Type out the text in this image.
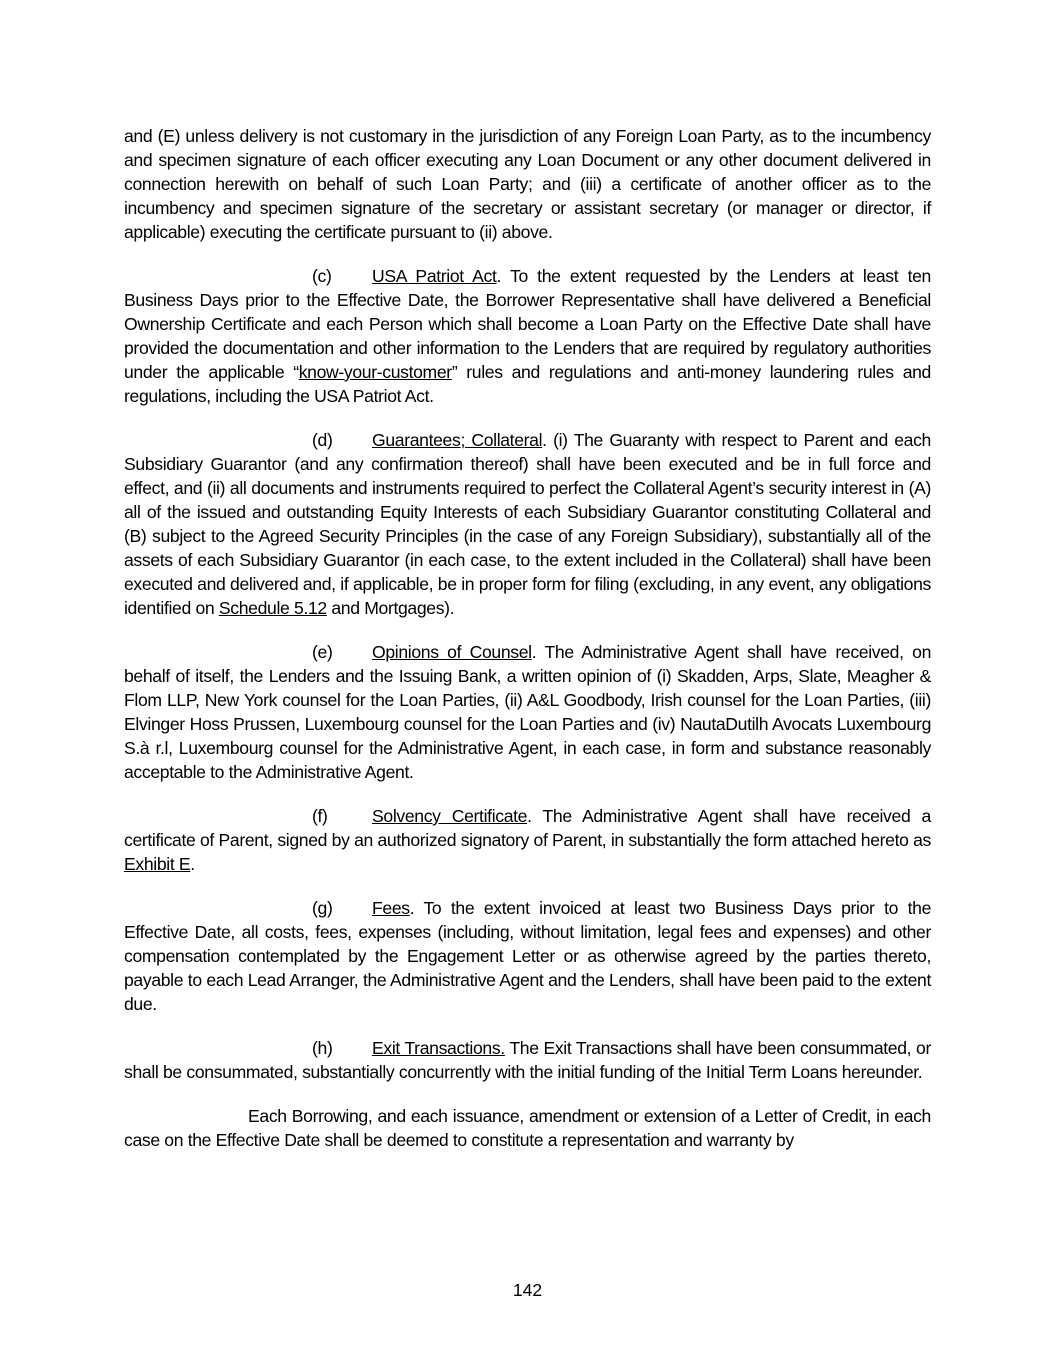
and (E) unless delivery is not customary in the jurisdiction of any Foreign Loan Party, as to the incumbency and specimen signature of each officer executing any Loan Document or any other document delivered in connection herewith on behalf of such Loan Party; and (iii) a certificate of another officer as to the incumbency and specimen signature of the secretary or assistant secretary (or manager or director, if applicable) executing the certificate pursuant to (ii) above.

(c) USA Patriot Act. To the extent requested by the Lenders at least ten Business Days prior to the Effective Date, the Borrower Representative shall have delivered a Beneficial Ownership Certificate and each Person which shall become a Loan Party on the Effective Date shall have provided the documentation and other information to the Lenders that are required by regulatory authorities under the applicable “know-your-customer” rules and regulations and anti-money laundering rules and regulations, including the USA Patriot Act.

(d) Guarantees; Collateral. (i) The Guaranty with respect to Parent and each Subsidiary Guarantor (and any confirmation thereof) shall have been executed and be in full force and effect, and (ii) all documents and instruments required to perfect the Collateral Agent’s security interest in (A) all of the issued and outstanding Equity Interests of each Subsidiary Guarantor constituting Collateral and (B) subject to the Agreed Security Principles (in the case of any Foreign Subsidiary), substantially all of the assets of each Subsidiary Guarantor (in each case, to the extent included in the Collateral) shall have been executed and delivered and, if applicable, be in proper form for filing (excluding, in any event, any obligations identified on Schedule 5.12 and Mortgages).

(e) Opinions of Counsel. The Administrative Agent shall have received, on behalf of itself, the Lenders and the Issuing Bank, a written opinion of (i) Skadden, Arps, Slate, Meagher & Flom LLP, New York counsel for the Loan Parties, (ii) A&L Goodbody, Irish counsel for the Loan Parties, (iii) Elvinger Hoss Prussen, Luxembourg counsel for the Loan Parties and (iv) NautaDutilh Avocats Luxembourg S.à r.l, Luxembourg counsel for the Administrative Agent, in each case, in form and substance reasonably acceptable to the Administrative Agent.

(f)	Solvency Certificate. The Administrative Agent shall have received a certificate of Parent, signed by an authorized signatory of Parent, in substantially the form attached hereto as Exhibit E.

(g) Fees. To the extent invoiced at least two Business Days prior to the Effective Date, all costs, fees, expenses (including, without limitation, legal fees and expenses) and other compensation contemplated by the Engagement Letter or as otherwise agreed by the parties thereto, payable to each Lead Arranger, the Administrative Agent and the Lenders, shall have been paid to the extent due.

(h) Exit Transactions. The Exit Transactions shall have been consummated, or shall be consummated, substantially concurrently with the initial funding of the Initial Term Loans hereunder.

Each Borrowing, and each issuance, amendment or extension of a Letter of Credit, in each case on the Effective Date shall be deemed to constitute a representation and warranty by

142
